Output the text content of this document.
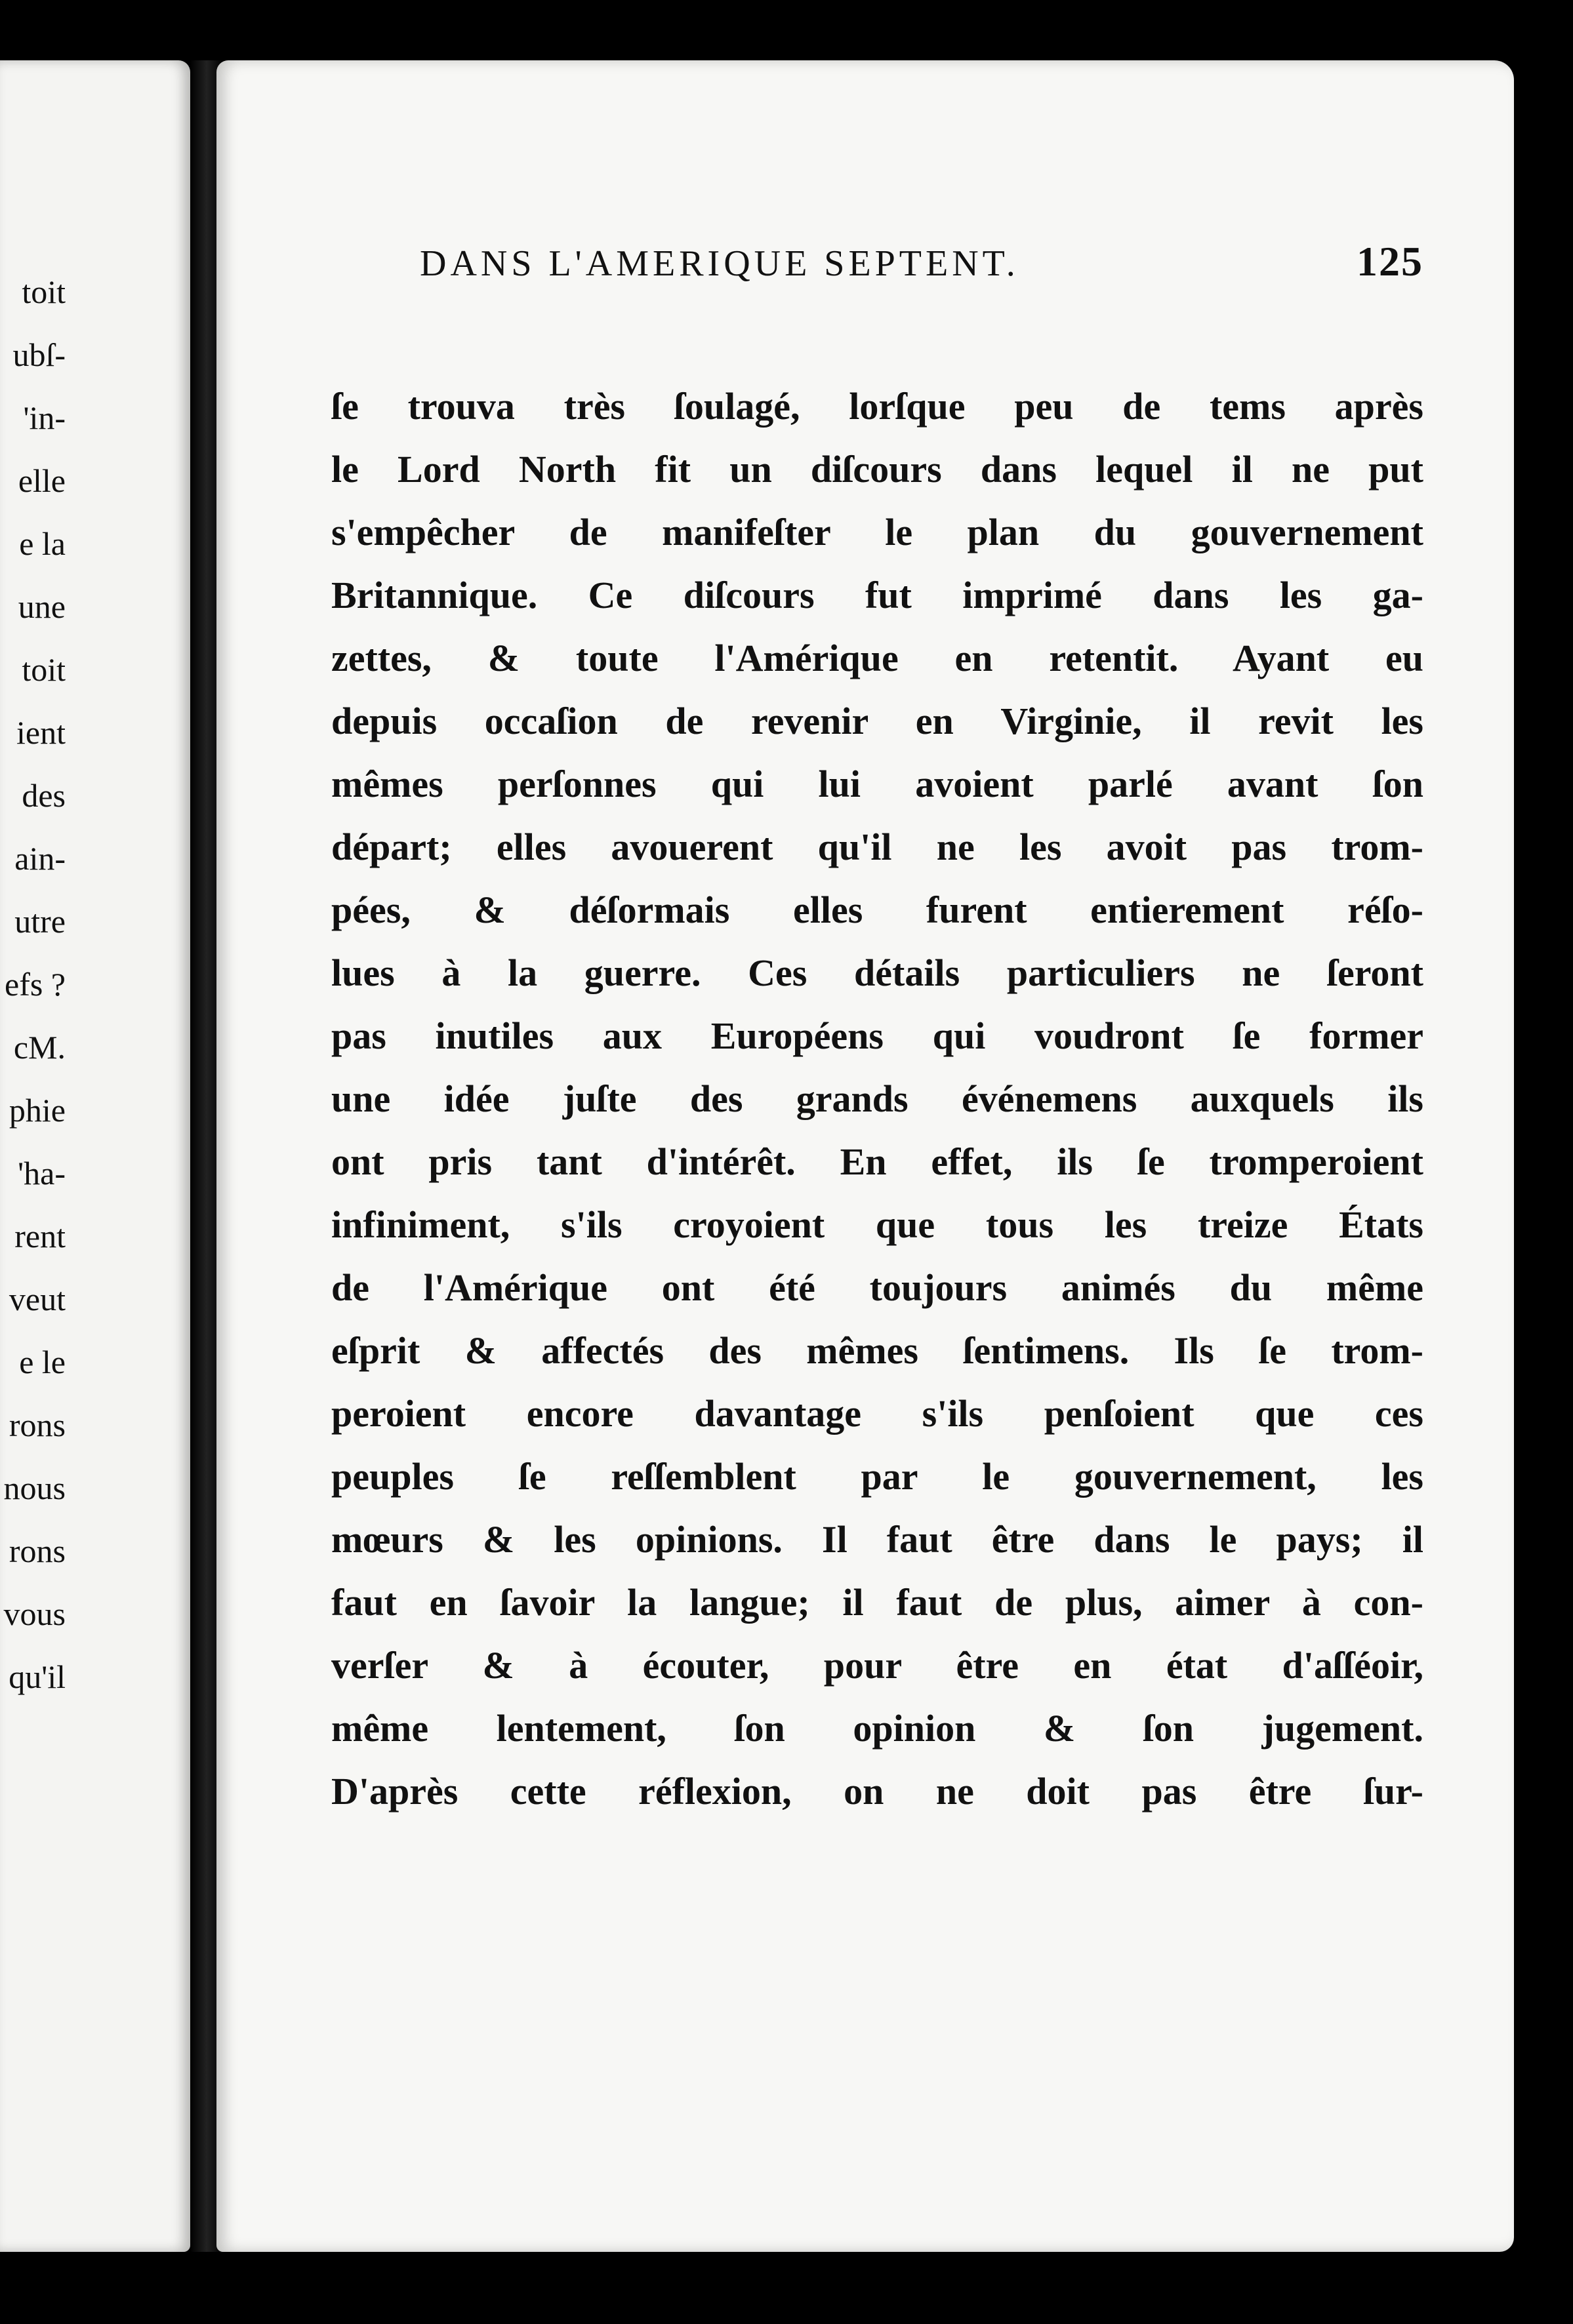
toit
ubſ-
'in-
elle
e la
une
toit
ient
des
ain-
utre
efs ?
cM.
phie
'ha-
rent
veut
e le
rons
nous
rons
vous
qu'il
DANS L'AMERIQUE SEPTENT.	125
ſe trouva très ſoulagé, lorſque peu de tems après
le Lord North fit un diſcours dans lequel il ne put
s'empêcher de manifeſter le plan du gouvernement
Britannique. Ce diſcours fut imprimé dans les ga-
zettes, & toute l'Amérique en retentit. Ayant eu
depuis occaſion de revenir en Virginie, il revit les
mêmes perſonnes qui lui avoient parlé avant ſon
départ; elles avouerent qu'il ne les avoit pas trom-
pées, & déſormais elles furent entierement réſo-
lues à la guerre. Ces détails particuliers ne ſeront
pas inutiles aux Européens qui voudront ſe former
une idée juſte des grands événemens auxquels ils
ont pris tant d'intérêt. En effet, ils ſe tromperoient
infiniment, s'ils croyoient que tous les treize États
de l'Amérique ont été toujours animés du même
eſprit & affectés des mêmes ſentimens. Ils ſe trom-
peroient encore davantage s'ils penſoient que ces
peuples ſe reſſemblent par le gouvernement, les
mœurs & les opinions. Il faut être dans le pays; il
faut en ſavoir la langue; il faut de plus, aimer à con-
verſer & à écouter, pour être en état d'aſſéoir,
même lentement, ſon opinion & ſon jugement.
D'après cette réflexion, on ne doit pas être ſur-
